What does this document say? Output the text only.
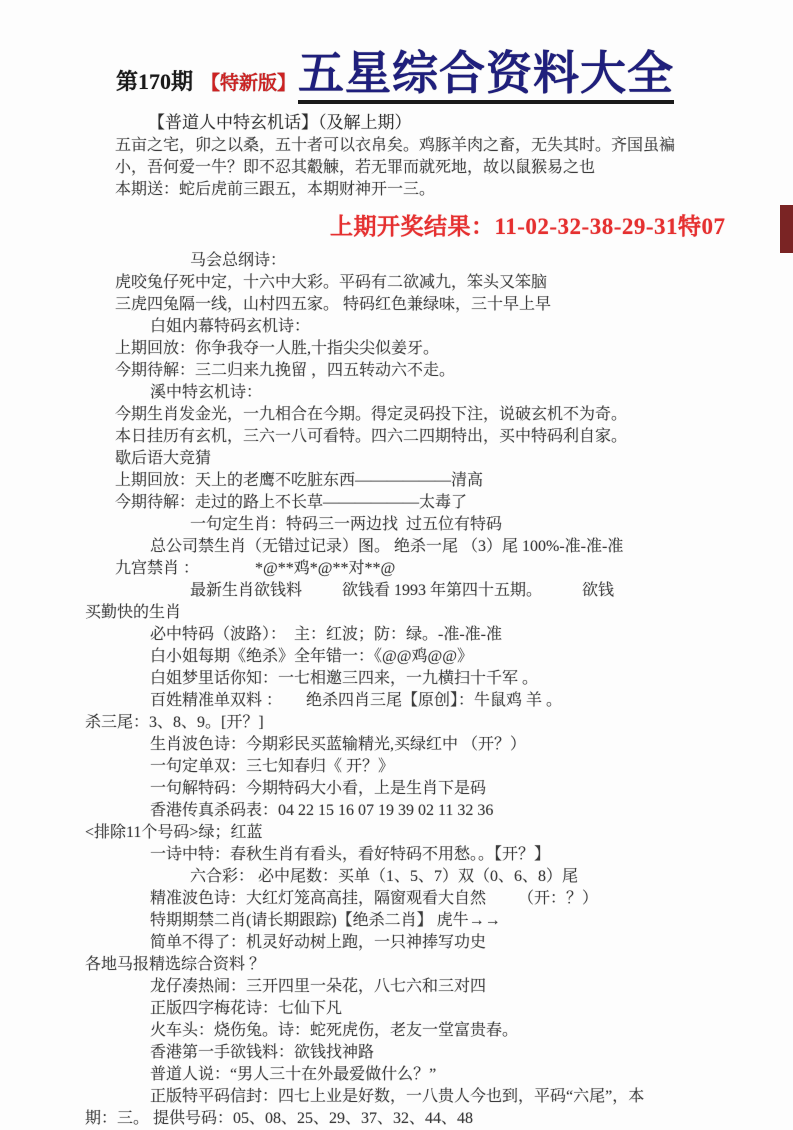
第170期 【特新版】 五星综合资料大全
【普道人中特玄机话】（及解上期）
五亩之宅，卯之以桑，五十者可以衣帛矣。鸡豚羊肉之畜，无失其时。齐国虽褊
小，吾何爱一牛？即不忍其觳觫，若无罪而就死地，故以鼠猴易之也
本期送：蛇后虎前三跟五，本期财神开一三。
上期开奖结果：11-02-32-38-29-31特07
马会总纲诗：
虎咬兔仔死中定，十六中大彩。平码有二欲减九，笨头又笨脑
三虎四兔隔一线，山村四五家。 特码红色兼绿味，三十早上早
白姐内幕特码玄机诗：
上期回放：你争我夺一人胜,十指尖尖似姜牙。
今期待解：三二归来九挽留 ，四五转动六不走。
溪中特玄机诗：
今期生肖发金光，一九相合在今期。得定灵码投下注，说破玄机不为奇。
本日挂历有玄机，三六一八可看特。四六二四期特出，买中特码利自家。
歇后语大竞猜
上期回放：天上的老鹰不吃脏东西——————清高
今期待解：走过的路上不长草——————太毒了
一句定生肖：特码三一两边找  过五位有特码
总公司禁生肖（无错过记录）图。 绝杀一尾 （3）尾 100%-准-准-准
九宫禁肖 ：              *@**鸡*@**对**@
最新生肖欲钱料          欲钱看 1993 年第四十五期。          欲钱
买勤快的生肖
必中特码（波路）：  主：红波；防：绿。-准-准-准
白小姐每期《绝杀》全年错一：《@@鸡@@》
白姐梦里话你知：一七相邀三四来，一九横扫十千军 。
百姓精准单双料 ：      绝杀四肖三尾【原创】：牛鼠鸡 羊 。
杀三尾：3、8、9。[开？]
生肖波色诗：今期彩民买蓝输精光,买绿红中 （开？）
一句定单双：三七知春归《 开？》
一句解特码：今期特码大小看，上是生肖下是码
香港传真杀码表：04 22 15 16 07 19 39 02 11 32 36
<排除11个号码>绿；红蓝
一诗中特：春秋生肖有看头，看好特码不用愁。。【开？】
六合彩： 必中尾数：买单（1、5、7）双（0、6、8）尾
精准波色诗：大红灯笼高高挂，隔窗观看大自然        （开：？）
特期期禁二肖(请长期跟踪)【绝杀二肖】 虎牛→→
简单不得了：机灵好动树上跑，一只神捧写功史
各地马报精选综合资料 ？
龙仔凑热闹：三开四里一朵花，八七六和三对四
正版四字梅花诗：七仙下凡
火车头：烧伤兔。诗：蛇死虎伤，老友一堂富贵春。
香港第一手欲钱料：欲钱找神路
普道人说：“男人三十在外最爱做什么？”
正版特平码信封：四七上业是好数，一八贵人今也到，平码“六尾”，本
期：三。 提供号码：05、08、25、29、37、32、44、48
